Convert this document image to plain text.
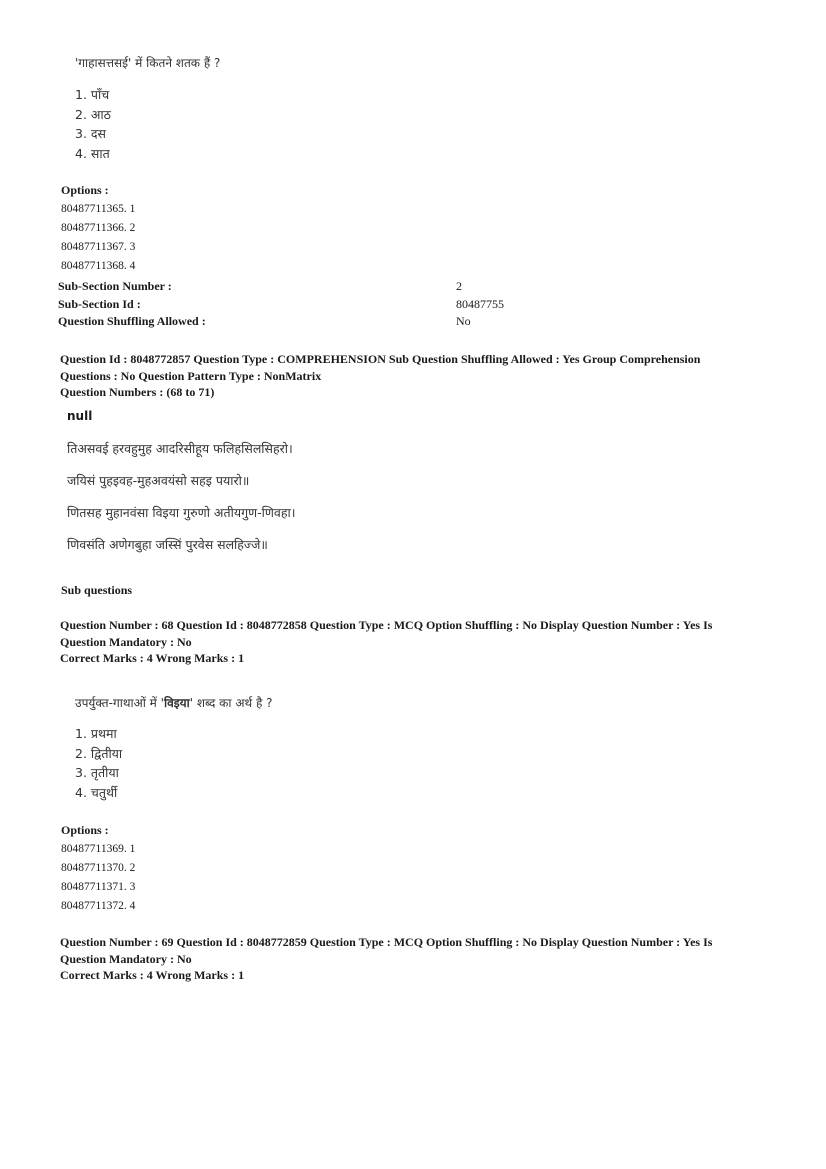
'गाहासत्तसई' में कितने शतक हैं ?
1. पाँच
2. आठ
3. दस
4. सात
Options :
80487711365. 1
80487711366. 2
80487711367. 3
80487711368. 4
Sub-Section Number :	2
Sub-Section Id :	80487755
Question Shuffling Allowed :	No
Question Id : 8048772857 Question Type : COMPREHENSION Sub Question Shuffling Allowed : Yes Group Comprehension
Questions : No Question Pattern Type : NonMatrix
Question Numbers : (68 to 71)
null
तिअसवई हरवहुमुह आदरिसीहूय फलिहसिलसिहरो।
जयिसं पुहइवह-मुहअवयंसो सहइ पयारो॥
णितसह मुहानवंसा विइया गुरुणो अतीयगुण-णिवहा।
णिवसंति अणेगबुहा जस्सिं पुरवेस सलहिज्जे॥
Sub questions
Question Number : 68 Question Id : 8048772858 Question Type : MCQ Option Shuffling : No Display Question Number : Yes Is
Question Mandatory : No
Correct Marks : 4 Wrong Marks : 1
उपर्युक्त-गाथाओं में 'विइया' शब्द का अर्थ है ?
1. प्रथमा
2. द्वितीया
3. तृतीया
4. चतुर्थी
Options :
80487711369. 1
80487711370. 2
80487711371. 3
80487711372. 4
Question Number : 69 Question Id : 8048772859 Question Type : MCQ Option Shuffling : No Display Question Number : Yes Is
Question Mandatory : No
Correct Marks : 4 Wrong Marks : 1
